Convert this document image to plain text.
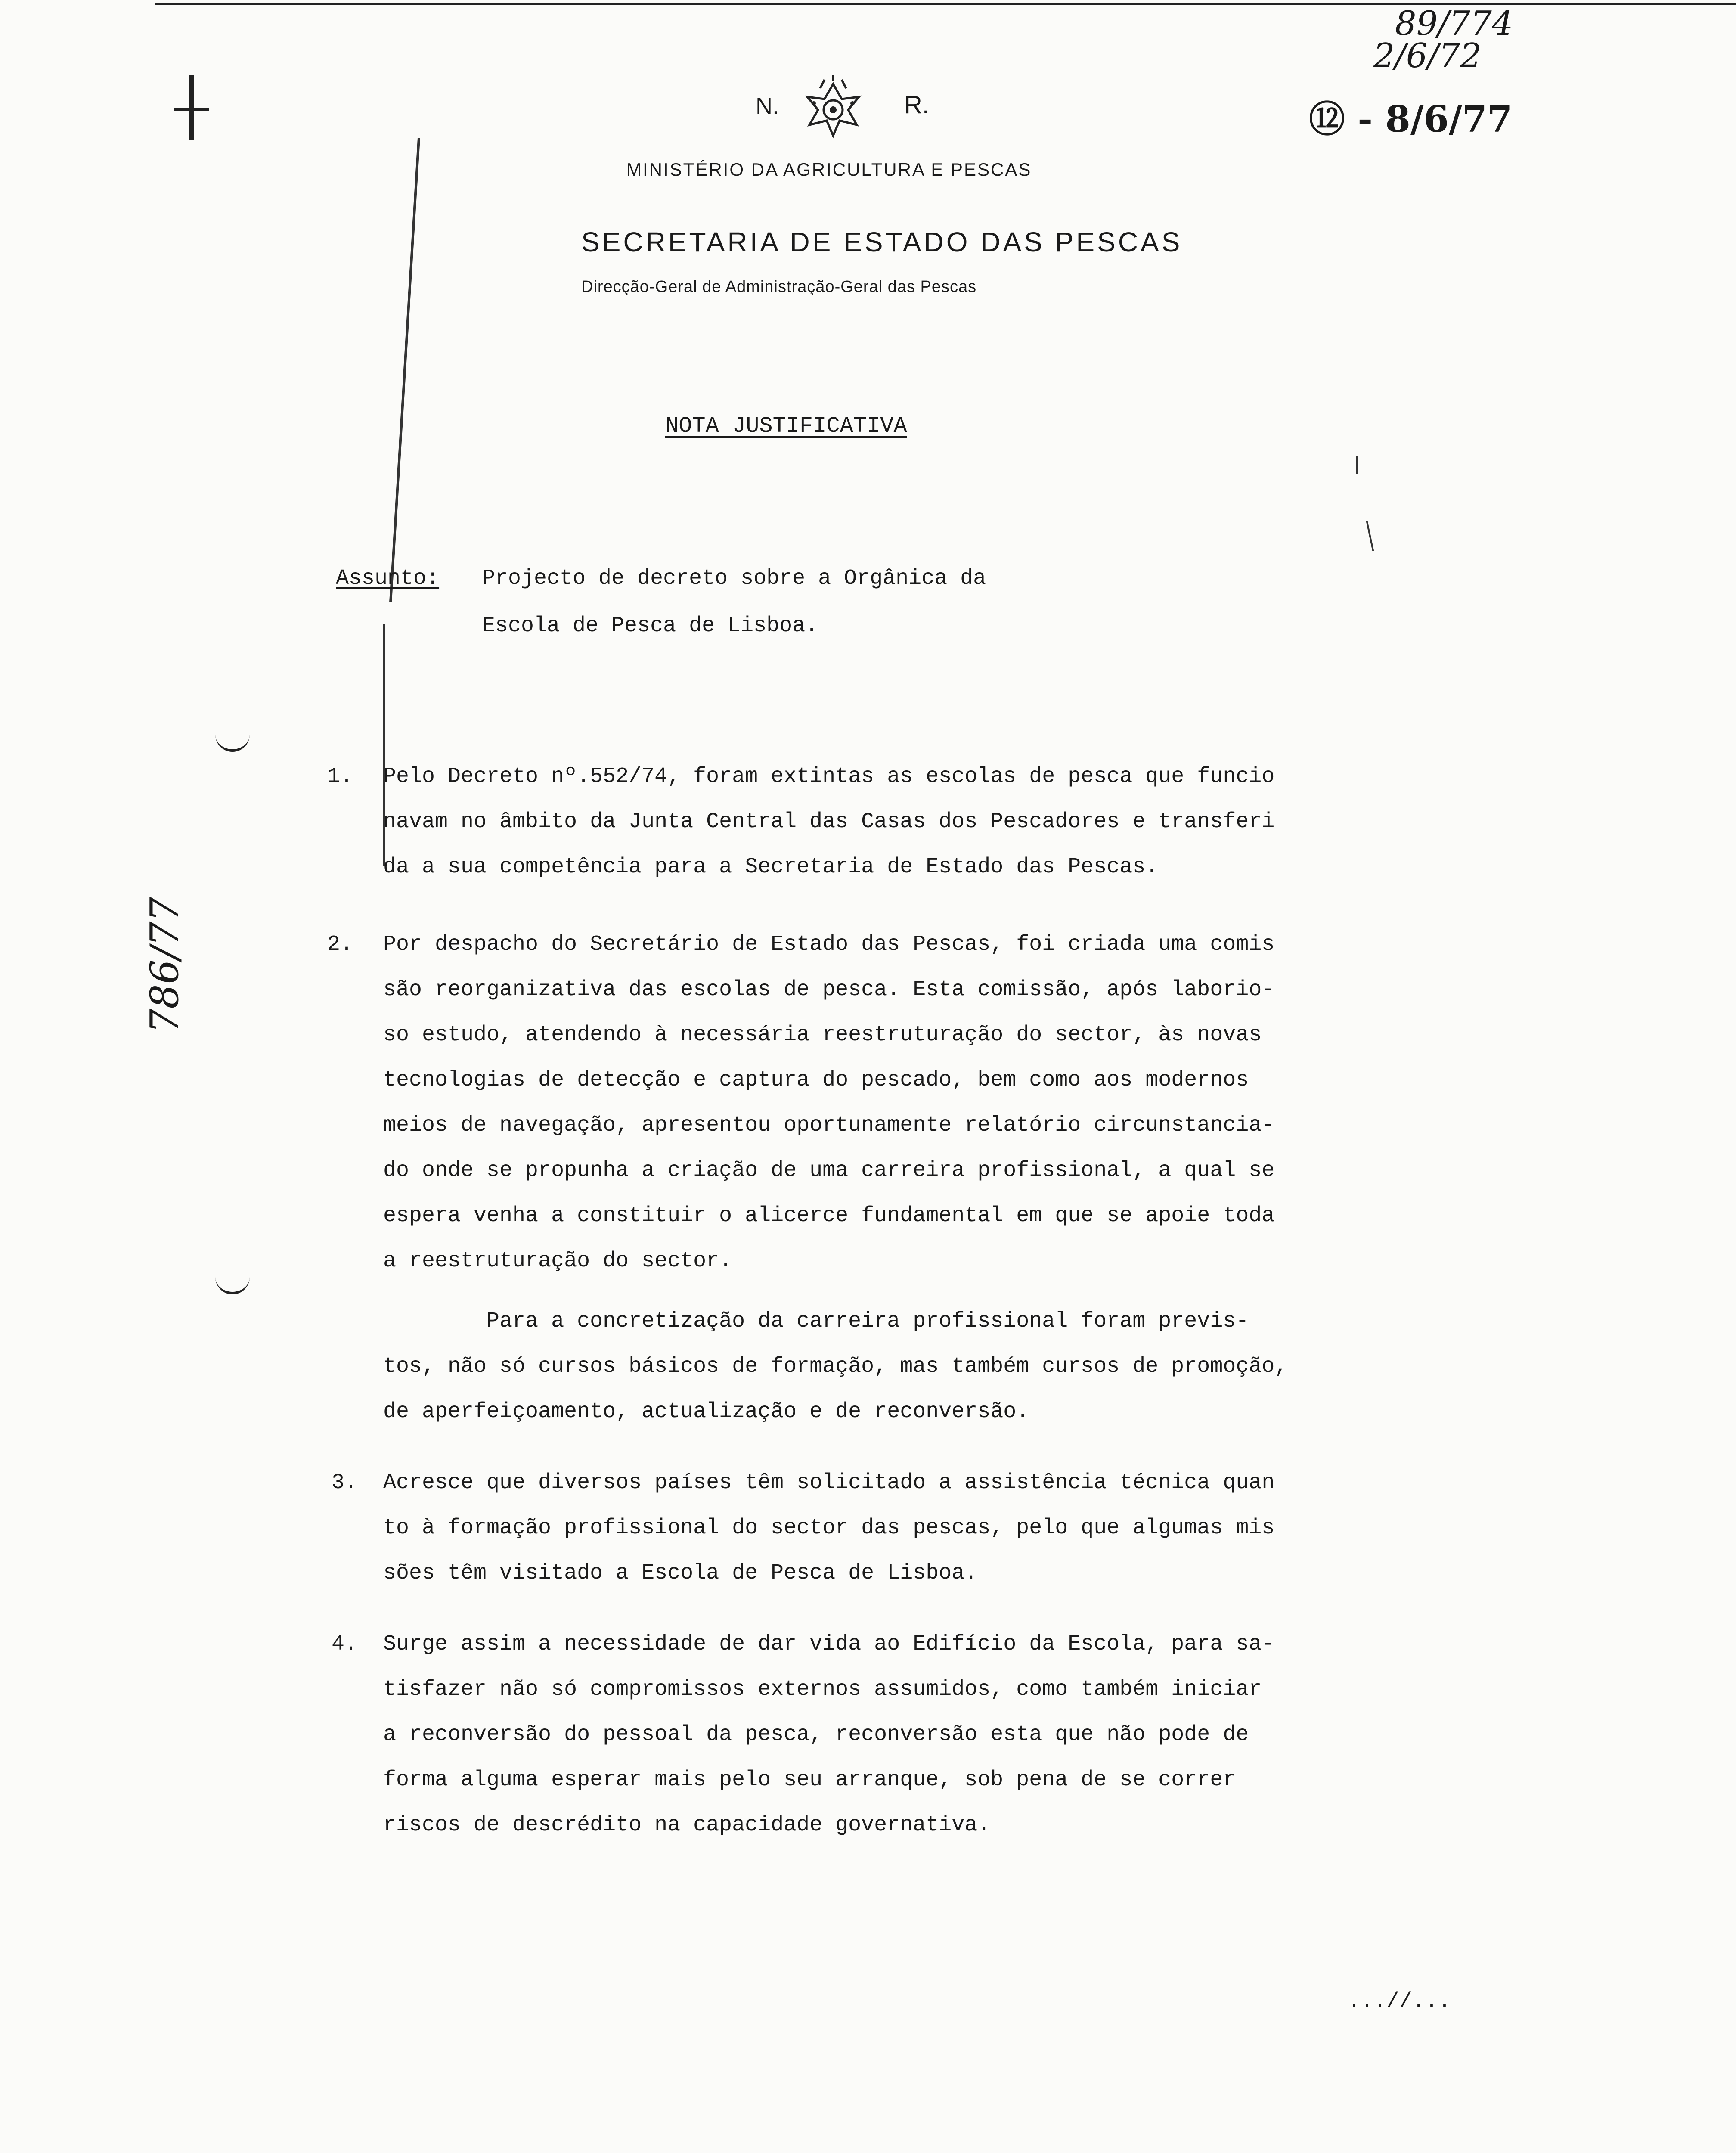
89/774
2/6/72
⑫ - 8/6/77
786/77
N.	R.
MINISTÉRIO DA AGRICULTURA E PESCAS
SECRETARIA DE ESTADO DAS PESCAS
Direcção-Geral de Administração-Geral das Pescas
NOTA JUSTIFICATIVA
Assunto: Projecto de decreto sobre a Orgânica da
Escola de Pesca de Lisboa.
1. Pelo Decreto nº.552/74, foram extintas as escolas de pesca que funcio
navam no âmbito da Junta Central das Casas dos Pescadores e transferi
da a sua competência para a Secretaria de Estado das Pescas.
2. Por despacho do Secretário de Estado das Pescas, foi criada uma comis
são reorganizativa das escolas de pesca. Esta comissão, após laborio-
so estudo, atendendo à necessária reestruturação do sector, às novas
tecnologias de detecção e captura do pescado, bem como aos modernos
meios de navegação, apresentou oportunamente relatório circunstancia-
do onde se propunha a criação de uma carreira profissional, a qual se
espera venha a constituir o alicerce fundamental em que se apoie toda
a reestruturação do sector.
Para a concretização da carreira profissional foram previs-
tos, não só cursos básicos de formação, mas também cursos de promoção,
de aperfeiçoamento, actualização e de reconversão.
3. Acresce que diversos países têm solicitado a assistência técnica quan
to à formação profissional do sector das pescas, pelo que algumas mis
sões têm visitado a Escola de Pesca de Lisboa.
4. Surge assim a necessidade de dar vida ao Edifício da Escola, para sa-
tisfazer não só compromissos externos assumidos, como também iniciar
a reconversão do pessoal da pesca, reconversão esta que não pode de
forma alguma esperar mais pelo seu arranque, sob pena de se correr
riscos de descrédito na capacidade governativa.
...//...
